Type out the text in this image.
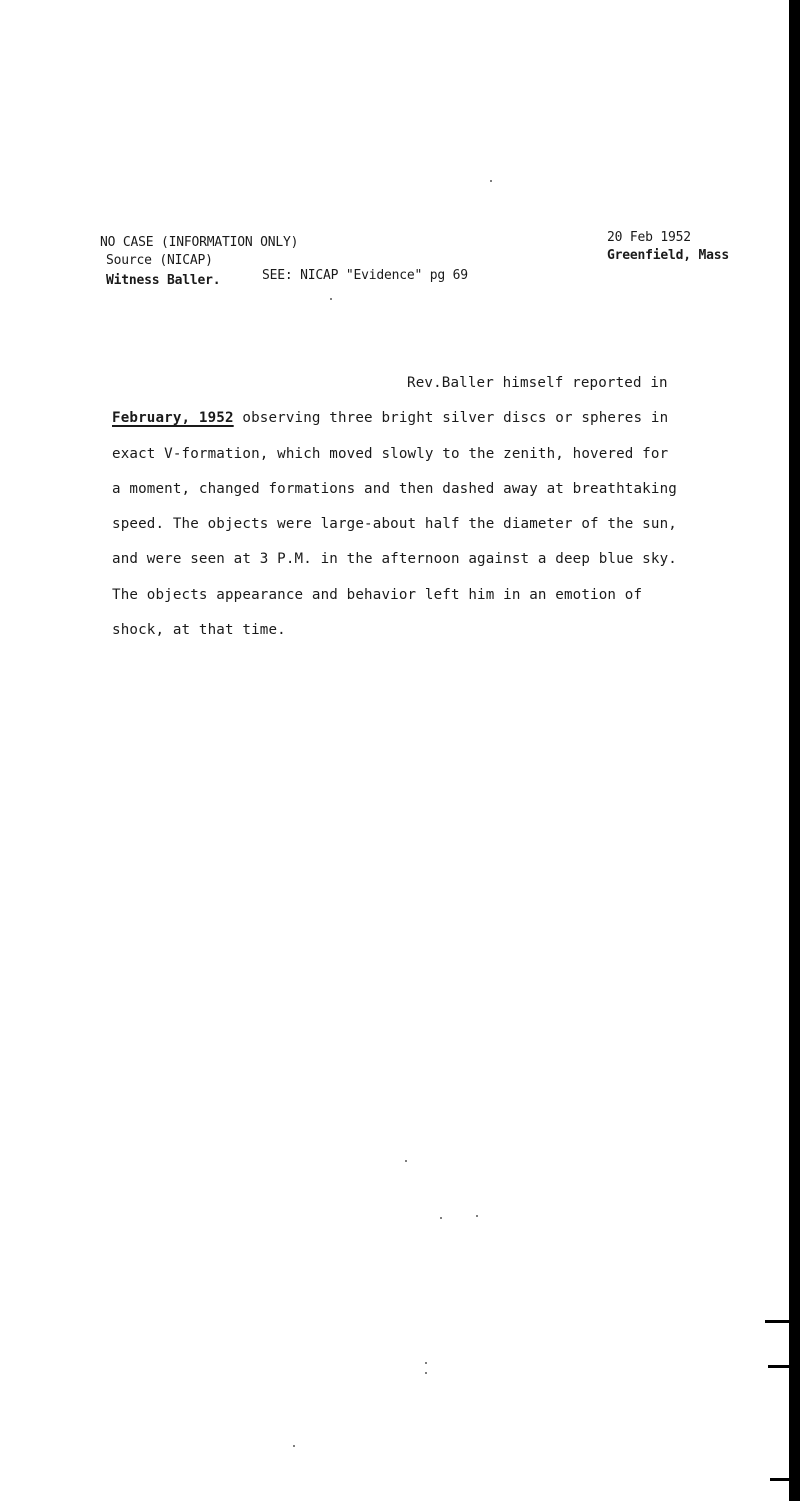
NO CASE (INFORMATION ONLY)
Source (NICAP)
Witness Baller.	SEE: NICAP "Evidence" pg 69
20 Feb 1952
Greenfield, Mass
Rev.Baller himself reported in
February, 1952 observing three bright silver discs or spheres in
exact V-formation, which moved slowly to the zenith, hovered for
a moment, changed formations and then dashed away at breathtaking
speed. The objects were large-about half the diameter of the sun,
and were seen at 3 P.M. in the afternoon against a deep blue sky.
The objects appearance and behavior left him in an emotion of
shock, at that time.
